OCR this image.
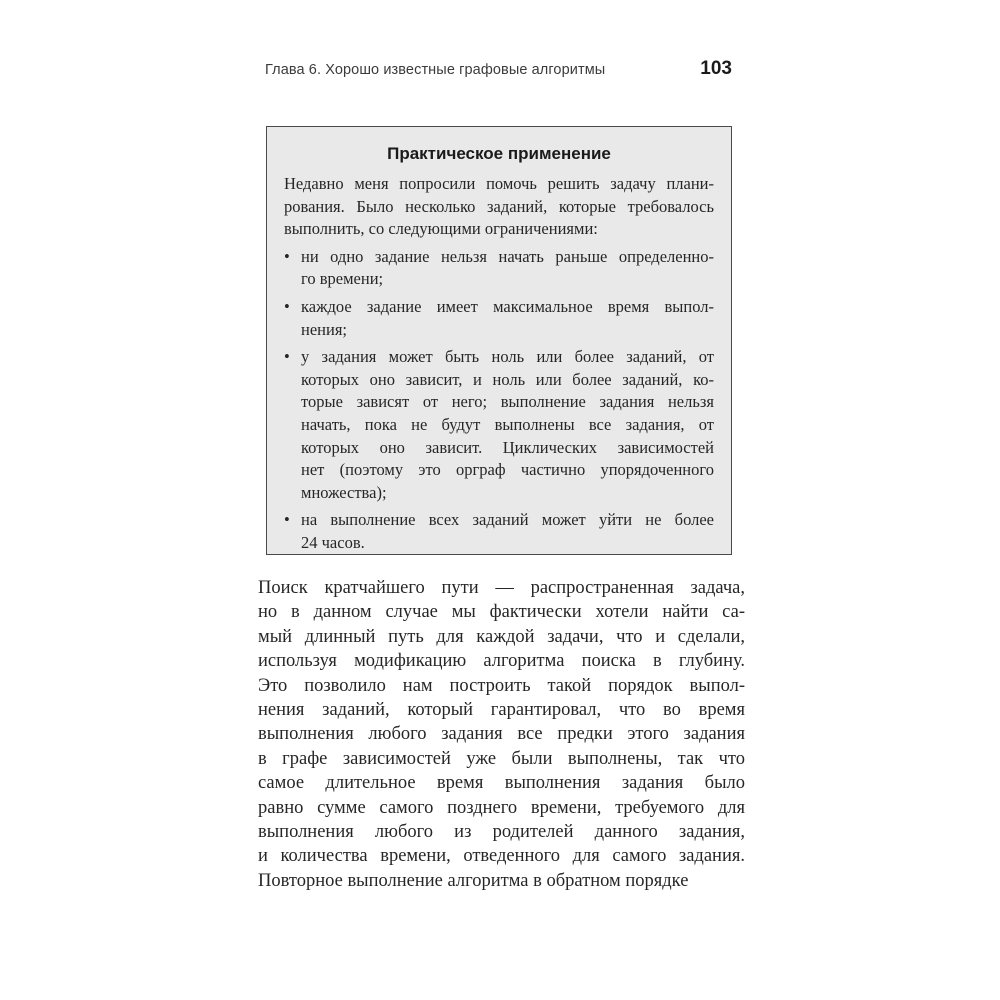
Глава 6. Хорошо известные графовые алгоритмы	103
Практическое применение
Недавно меня попросили помочь решить задачу плани-
рования. Было несколько заданий, которые требовалось
выполнить, со следующими ограничениями:
• ни одно задание нельзя начать раньше определенно-
го времени;
• каждое задание имеет максимальное время выпол-
нения;
• у задания может быть ноль или более заданий, от
которых оно зависит, и ноль или более заданий, ко-
торые зависят от него; выполнение задания нельзя
начать, пока не будут выполнены все задания, от
которых оно зависит. Циклических зависимостей
нет (поэтому это орграф частично упорядоченного
множества);
• на выполнение всех заданий может уйти не более
24 часов.
Поиск кратчайшего пути — распространенная задача,
но в данном случае мы фактически хотели найти са-
мый длинный путь для каждой задачи, что и сделали,
используя модификацию алгоритма поиска в глубину.
Это позволило нам построить такой порядок выпол-
нения заданий, который гарантировал, что во время
выполнения любого задания все предки этого задания
в графе зависимостей уже были выполнены, так что
самое длительное время выполнения задания было
равно сумме самого позднего времени, требуемого для
выполнения любого из родителей данного задания,
и количества времени, отведенного для самого задания.
Повторное выполнение алгоритма в обратном порядке
